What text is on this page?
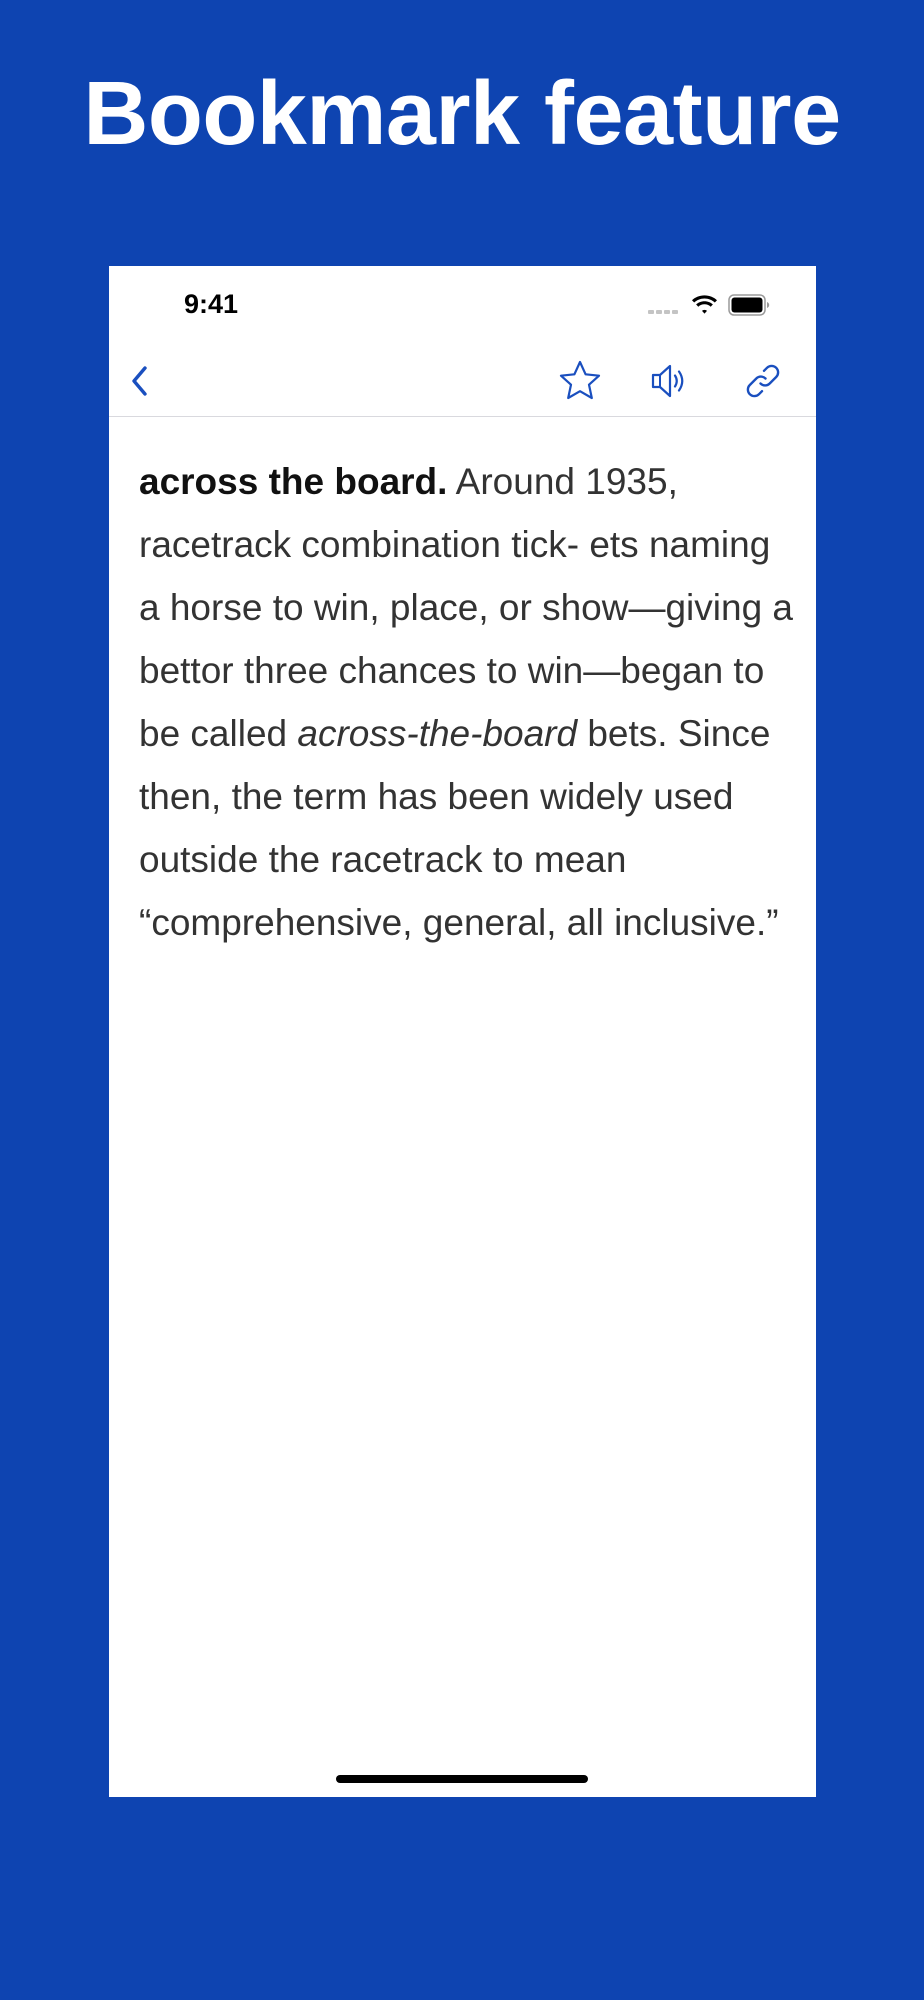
Bookmark feature
9:41
across the board. Around 1935, racetrack combination tick- ets naming a horse to win, place, or show—giving a bettor three chances to win—began to be called across-the-board bets. Since then, the term has been widely used outside the racetrack to mean “comprehensive, general, all inclusive.”
